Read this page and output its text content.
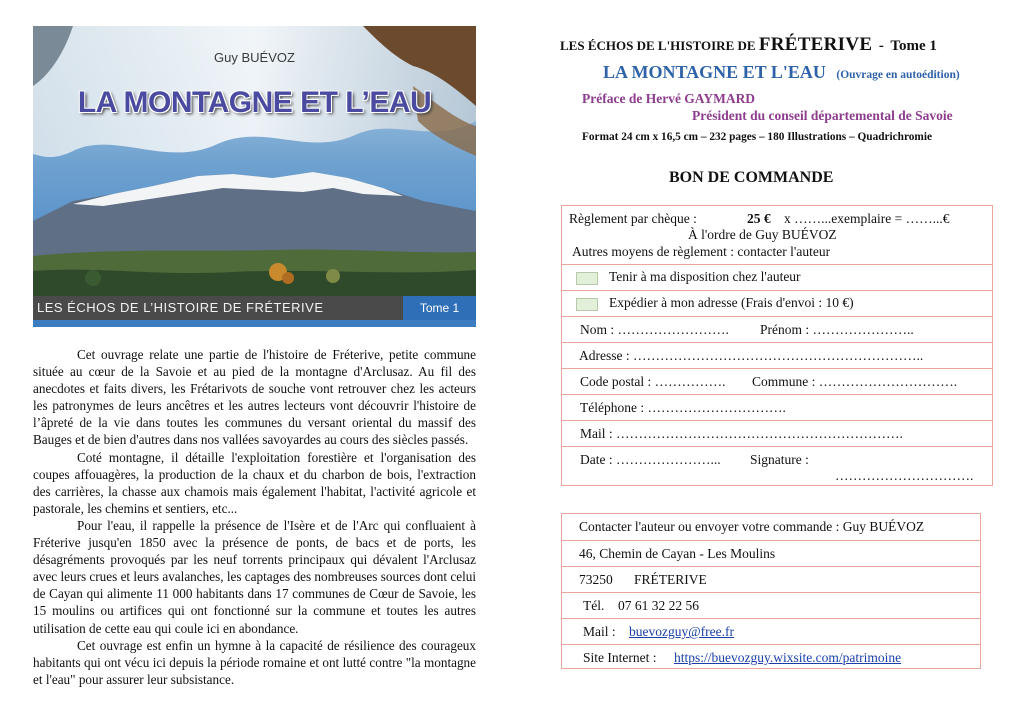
Guy BUÉVOZ
LA MONTAGNE ET L’EAU
LES ÉCHOS DE L’HISTOIRE DE FRÉTERIVE	Tome 1

Cet ouvrage relate une partie de l'histoire de Fréterive, petite commune située au cœur de la Savoie et au pied de la montagne d'Arclusaz. Au fil des anecdotes et faits divers, les Frétarivots de souche vont retrouver chez les acteurs les patronymes de leurs ancêtres et les autres lecteurs vont découvrir l'histoire de l’âpreté de la vie dans toutes les communes du versant oriental du massif des Bauges et de bien d'autres dans nos vallées savoyardes au cours des siècles passés.

Coté montagne, il détaille l'exploitation forestière et l'organisation des coupes affouagères, la production de la chaux et du charbon de bois, l'extraction des carrières, la chasse aux chamois mais également l'habitat, l'activité agricole et pastorale, les chemins et sentiers, etc...

Pour l'eau, il rappelle la présence de l'Isère et de l'Arc qui confluaient à Fréterive jusqu'en 1850 avec la présence de ponts, de bacs et de ports, les désagréments provoqués par les neuf torrents principaux qui dévalent l'Arclusaz avec leurs crues et leurs avalanches, les captages des nombreuses sources dont celui de Cayan qui alimente 11 000 habitants dans 17 communes de Cœur de Savoie, les 15 moulins ou artifices qui ont fonctionné sur la commune et toutes les autres utilisation de cette eau qui coule ici en abondance.

Cet ouvrage est enfin un hymne à la capacité de résilience des courageux habitants qui ont vécu ici depuis la période romaine et ont lutté contre "la montagne et l'eau" pour assurer leur subsistance.

LES ÉCHOS DE L'HISTOIRE DE FRÉTERIVE - Tome 1
LA MONTAGNE ET L'EAU (Ouvrage en autoédition)
Préface de Hervé GAYMARD
Président du conseil départemental de Savoie
Format 24 cm x 16,5 cm – 232 pages – 180 Illustrations – Quadrichromie
BON DE COMMANDE
Règlement par chèque :	25 € x ……...exemplaire = ……...€
À l'ordre de Guy BUÉVOZ
Autres moyens de règlement : contacter l'auteur
Tenir à ma disposition chez l'auteur
Expédier à mon adresse (Frais d'envoi : 10 €)
Nom : ……………………. Prénom : …………………..
Adresse : ………………………………………………………..
Code postal : ……………. Commune : ………………………….
Téléphone : ………………………….
Mail : ……………………………………………………….
Date : …………………... Signature :
………………………….
Contacter l'auteur ou envoyer votre commande : Guy BUÉVOZ
46, Chemin de Cayan - Les Moulins
73250 FRÉTERIVE
Tél. 07 61 32 22 56
Mail : buevozguy@free.fr
Site Internet : https://buevozguy.wixsite.com/patrimoine
